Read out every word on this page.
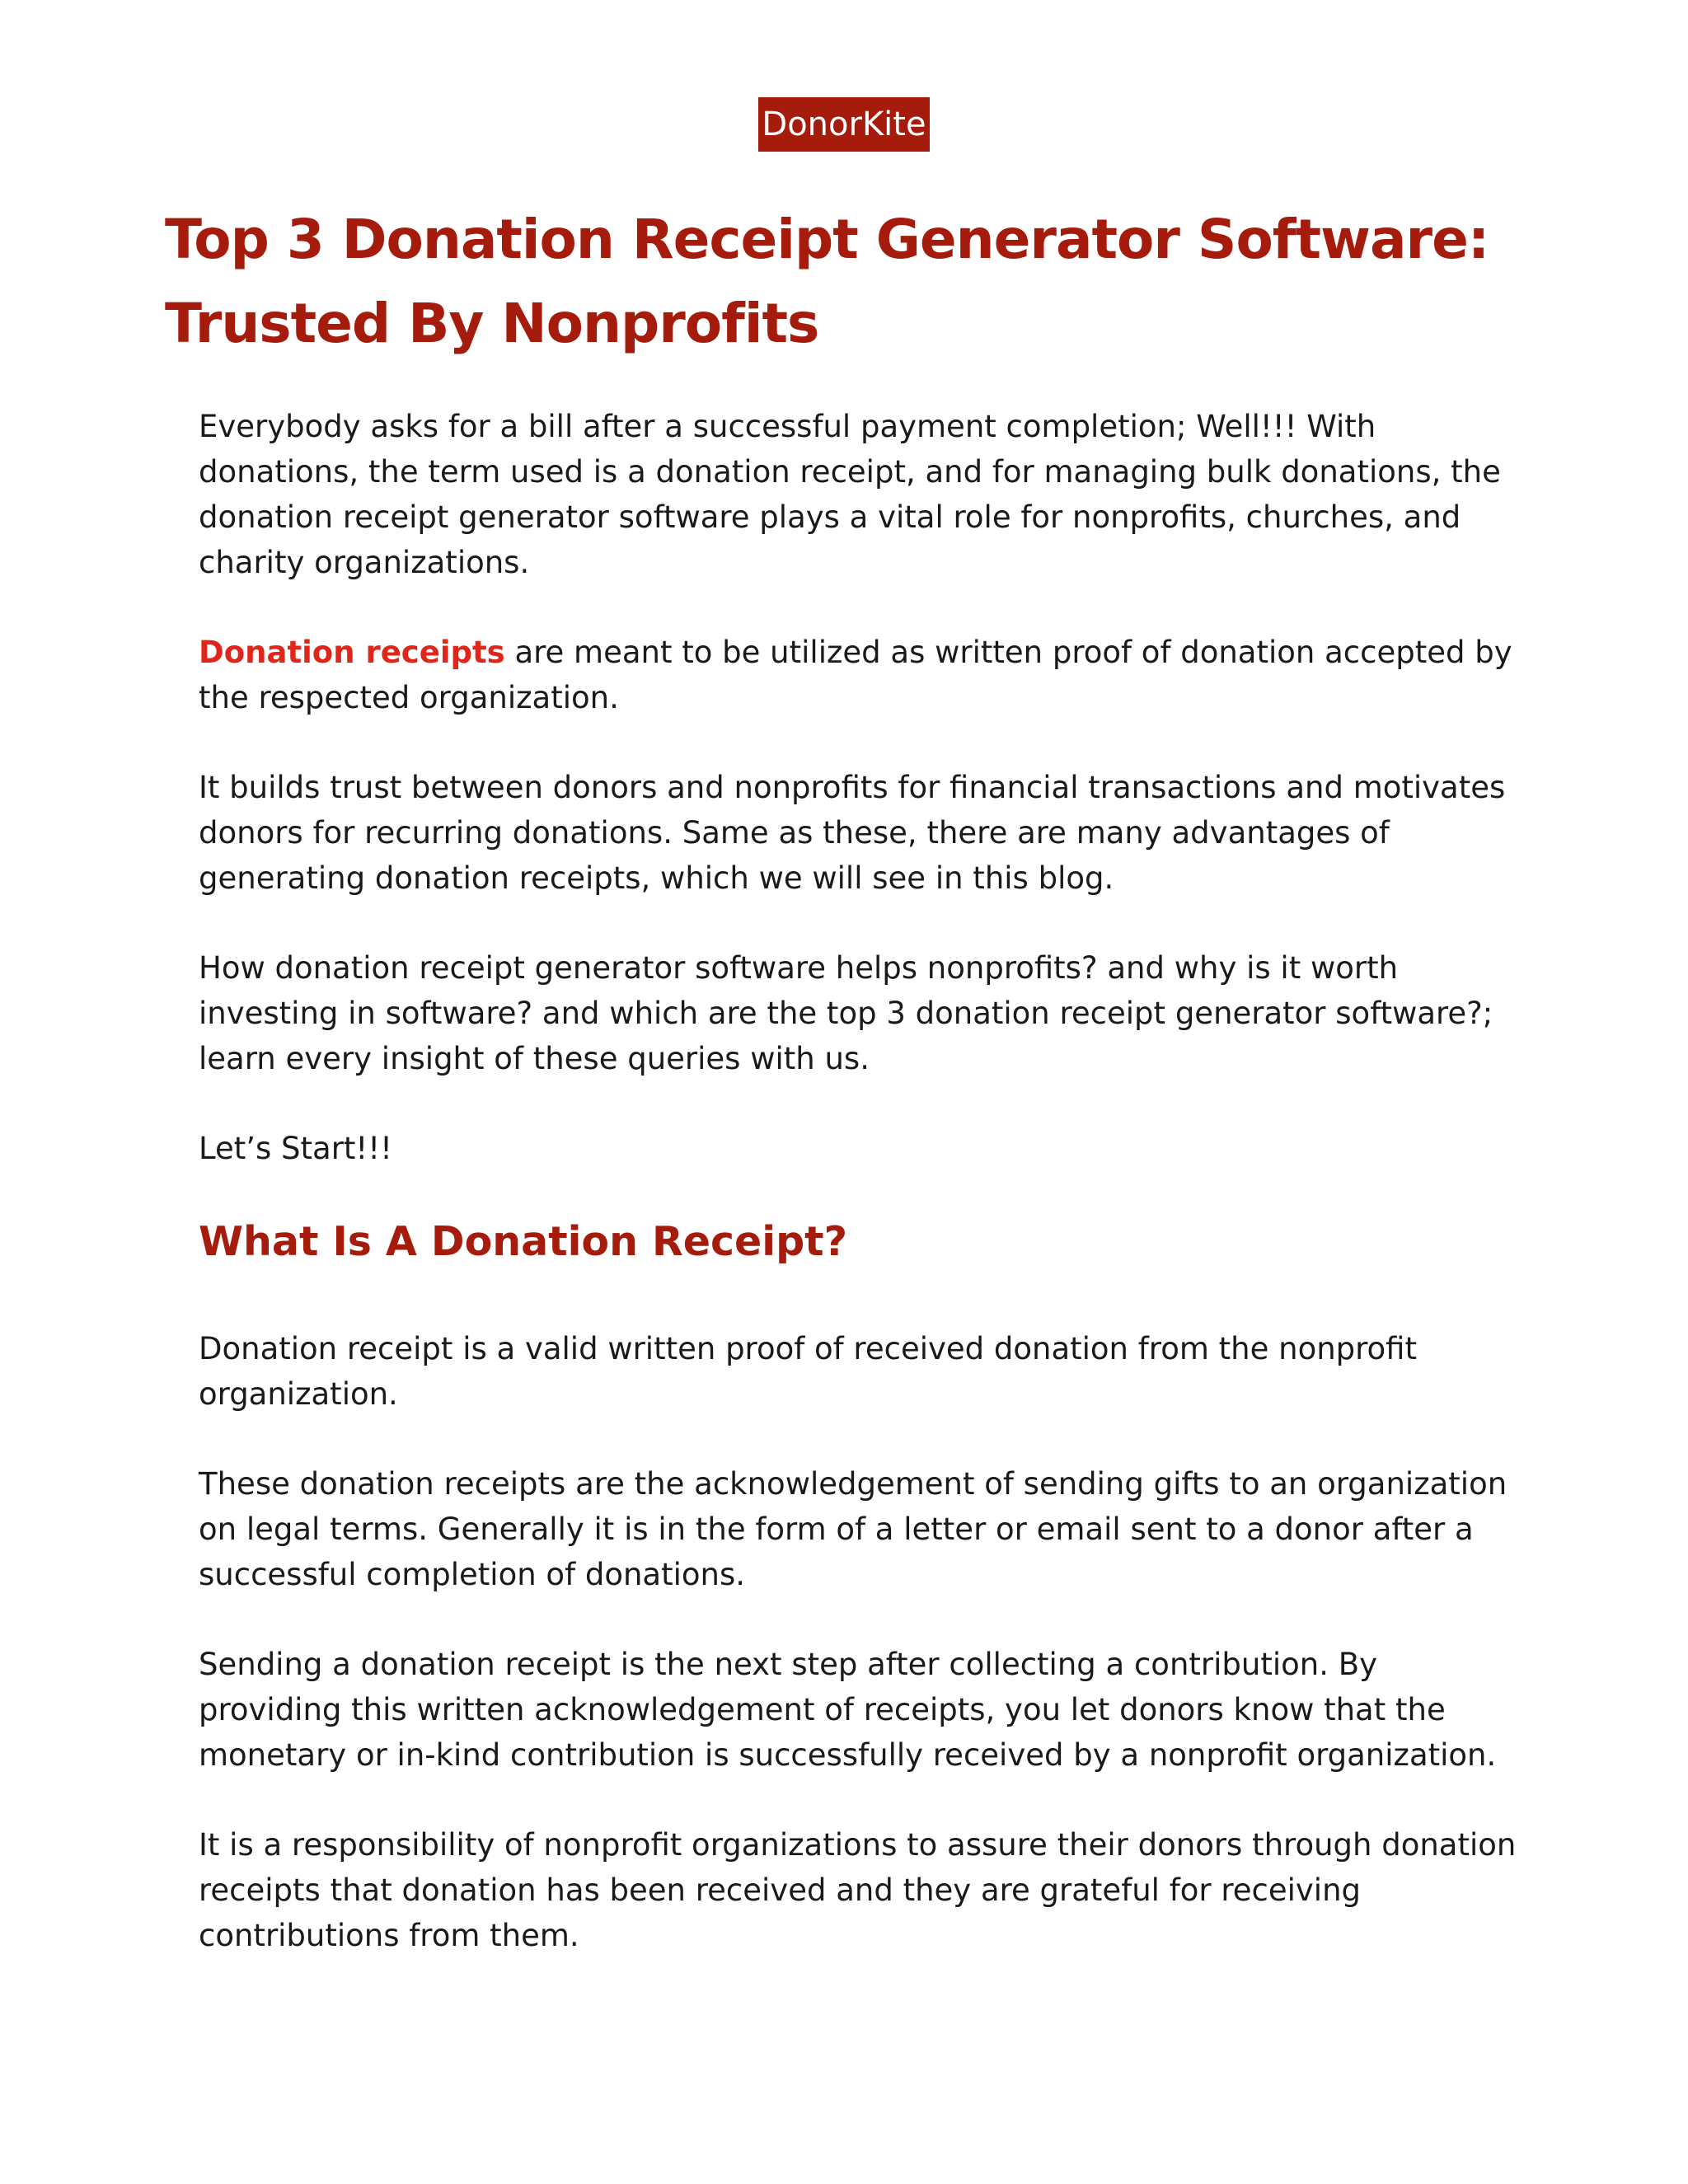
DonorKite
Top 3 Donation Receipt Generator Software: Trusted By Nonprofits

Everybody asks for a bill after a successful payment completion; Well!!! With donations, the term used is a donation receipt, and for managing bulk donations, the donation receipt generator software plays a vital role for nonprofits, churches, and charity organizations.

Donation receipts are meant to be utilized as written proof of donation accepted by the respected organization.

It builds trust between donors and nonprofits for financial transactions and motivates donors for recurring donations. Same as these, there are many advantages of generating donation receipts, which we will see in this blog.

How donation receipt generator software helps nonprofits? and why is it worth investing in software? and which are the top 3 donation receipt generator software?; learn every insight of these queries with us.

Let’s Start!!!

What Is A Donation Receipt?

Donation receipt is a valid written proof of received donation from the nonprofit organization.

These donation receipts are the acknowledgement of sending gifts to an organization on legal terms. Generally it is in the form of a letter or email sent to a donor after a successful completion of donations.

Sending a donation receipt is the next step after collecting a contribution. By providing this written acknowledgement of receipts, you let donors know that the monetary or in-kind contribution is successfully received by a nonprofit organization.

It is a responsibility of nonprofit organizations to assure their donors through donation receipts that donation has been received and they are grateful for receiving contributions from them.
